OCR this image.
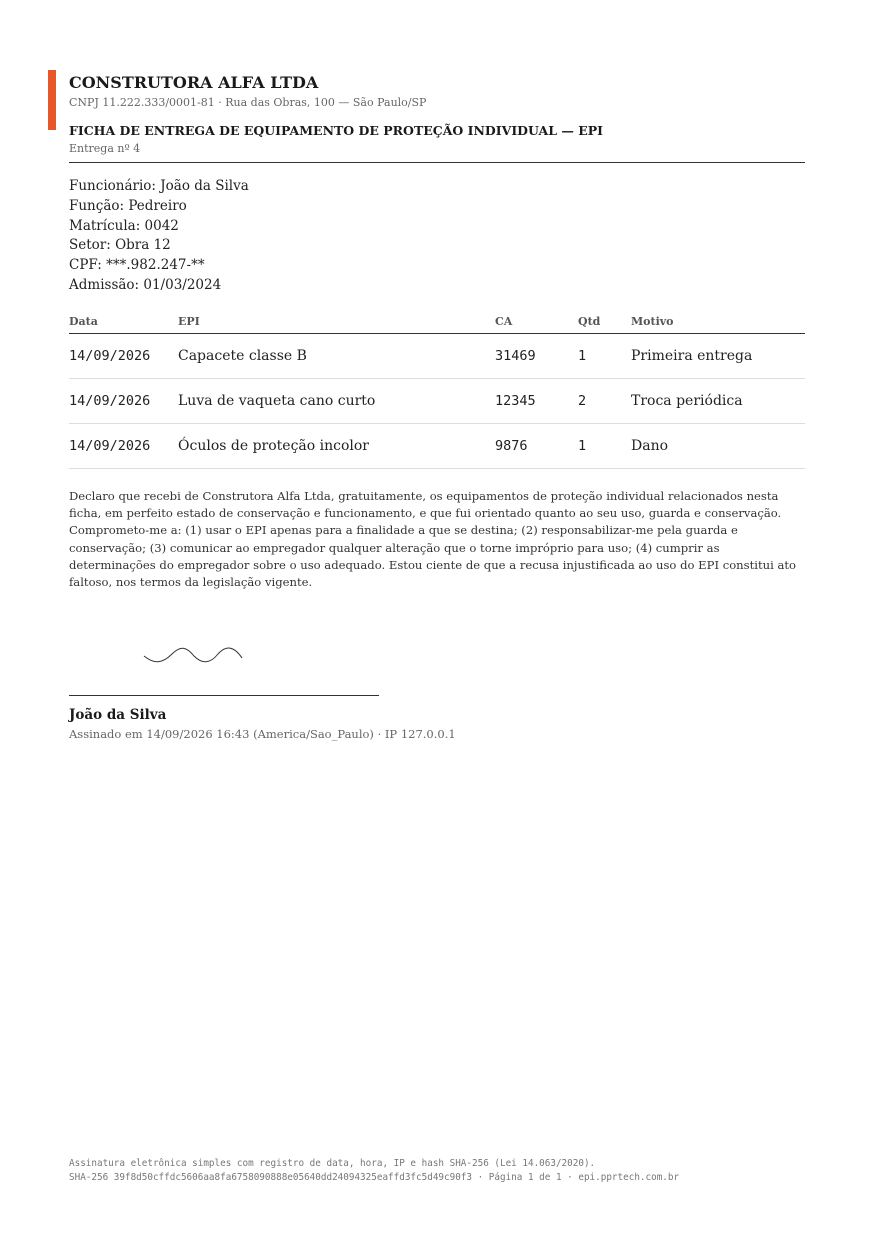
CONSTRUTORA ALFA LTDA
CNPJ 11.222.333/0001-81 · Rua das Obras, 100 — São Paulo/SP
FICHA DE ENTREGA DE EQUIPAMENTO DE PROTEÇÃO INDIVIDUAL — EPI
Entrega nº 4
Funcionário: João da Silva
Função: Pedreiro
Matrícula: 0042
Setor: Obra 12
CPF: ***.982.247-**
Admissão: 01/03/2024
Data	EPI	CA	Qtd	Motivo
14/09/2026	Capacete classe B	31469	1	Primeira entrega
14/09/2026	Luva de vaqueta cano curto	12345	2	Troca periódica
14/09/2026	Óculos de proteção incolor	9876	1	Dano
Declaro que recebi de Construtora Alfa Ltda, gratuitamente, os equipamentos de proteção individual relacionados nesta ficha, em perfeito estado de conservação e funcionamento, e que fui orientado quanto ao seu uso, guarda e conservação. Comprometo-me a: (1) usar o EPI apenas para a finalidade a que se destina; (2) responsabilizar-me pela guarda e conservação; (3) comunicar ao empregador qualquer alteração que o torne impróprio para uso; (4) cumprir as determinações do empregador sobre o uso adequado. Estou ciente de que a recusa injustificada ao uso do EPI constitui ato faltoso, nos termos da legislação vigente.
João da Silva
Assinado em 14/09/2026 16:43 (America/Sao_Paulo) · IP 127.0.0.1
Assinatura eletrônica simples com registro de data, hora, IP e hash SHA-256 (Lei 14.063/2020).
SHA-256 39f8d50cffdc5606aa8fa6758090888e05640dd24094325eaffd3fc5d49c90f3 · Página 1 de 1 · epi.pprtech.com.br
